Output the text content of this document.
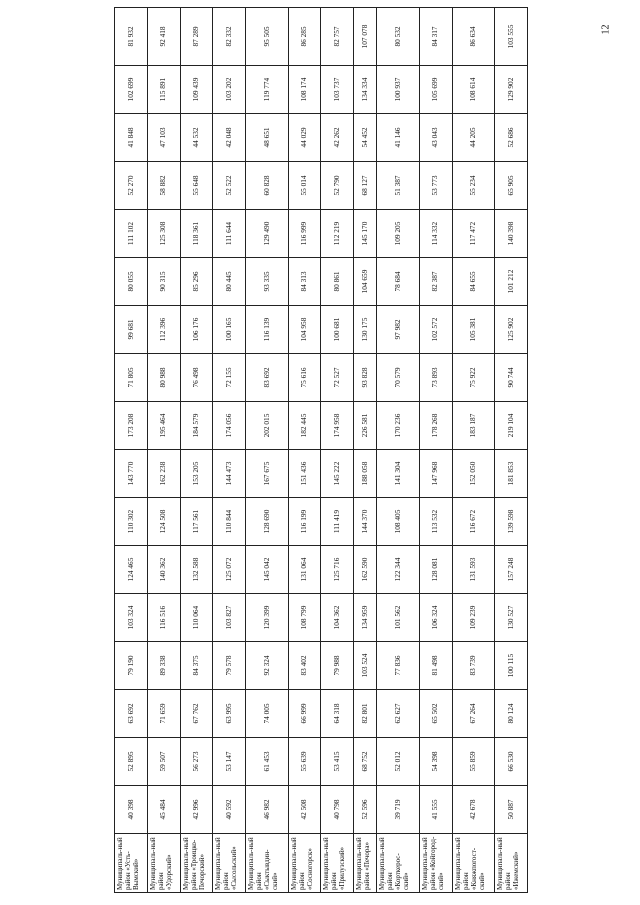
Муниципаль-ный район «Усть-Вымский»	40 398	52 895	63 692	79 190	103 324	124 465	110 302	143 770	173 208	71 805	99 681	80 055	111 102	52 270	41 848	102 699	81 932
Муниципаль-ный район «Удорский»	45 484	59 507	71 659	89 338	116 516	140 362	124 508	162 238	195 464	80 988	112 396	90 315	125 308	58 882	47 103	115 891	92 418
Муниципаль-ный район «Троицко-Печорский»	42 996	56 273	67 762	84 375	110 064	132 588	117 561	153 205	184 579	76 498	106 176	85 296	118 361	55 648	44 532	109 439	87 289
Муниципаль-ный район «Сысольский»	40 592	53 147	63 995	79 578	103 827	125 072	110 844	144 473	174 056	72 155	100 165	80 445	111 644	52 522	42 048	103 202	82 332
Муниципаль-ный район «Сыктывдин-ский»	46 982	61 453	74 005	92 324	120 399	145 042	128 690	167 675	202 015	83 692	116 139	93 335	129 490	60 828	48 651	119 774	95 505
Муниципаль-ный район «Сосногорск»	42 508	55 639	66 999	83 402	108 799	131 064	116 199	151 436	182 445	75 616	104 958	84 313	116 999	55 014	44 029	108 174	86 285
Муниципаль-ный район «Прилузский»	40 798	53 415	64 318	79 988	104 362	125 716	111 419	145 222	174 958	72 527	100 681	80 861	112 219	52 790	42 262	103 737	82 757
Муниципаль-ный район «Печора»	52 596	68 752	82 801	103 524	134 959	162 590	144 370	188 058	226 581	93 828	130 175	104 659	145 170	68 127	54 452	134 334	107 078
Муниципаль-ный район «Корткерос-ский»	39 719	52 012	62 627	77 836	101 562	122 344	108 405	141 304	170 236	70 579	97 982	78 684	109 205	51 387	41 146	100 937	80 532
Муниципаль-ный район «Койгород-ский»	41 555	54 398	65 502	81 498	106 324	128 081	113 532	147 968	178 268	73 893	102 572	82 387	114 332	53 773	43 043	105 699	84 317
Муниципаль-ный район «Княжпогост-ский»	42 678	55 859	67 264	83 739	109 239	131 593	116 672	152 050	183 187	75 922	105 381	84 655	117 472	55 234	44 205	108 614	86 634
Муниципаль-ный район «Ижемский»	50 887	66 530	80 124	100 115	130 527	157 248	139 598	181 853	219 104	90 744	125 902	101 212	140 398	65 905	52 686	129 902	103 555	12
